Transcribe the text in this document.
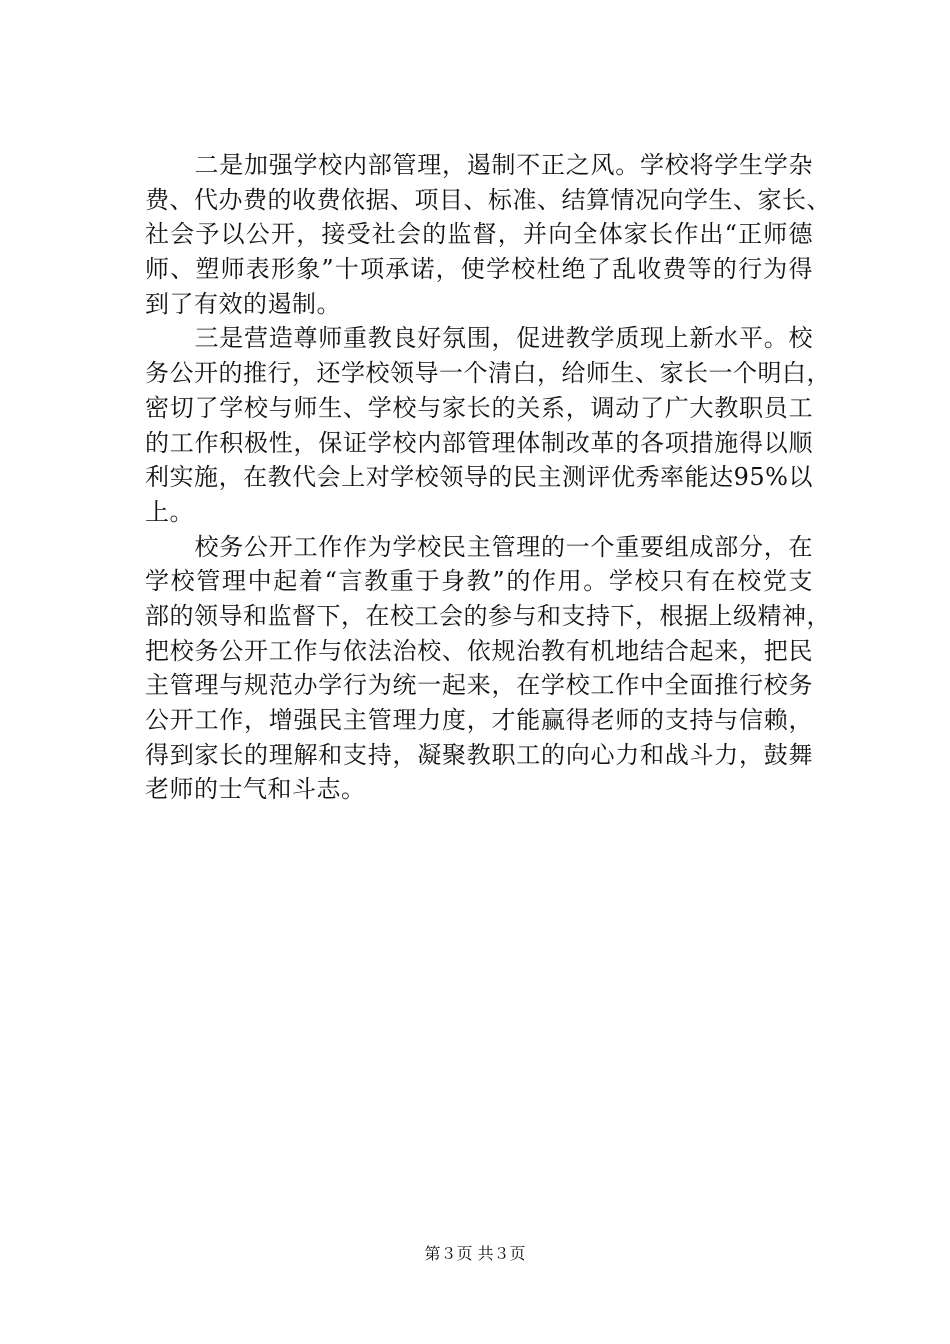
　　二是加强学校内部管理，遏制不正之风。学校将学生学杂
费、代办费的收费依据、项目、标准、结算情况向学生、家长、
社会予以公开，接受社会的监督，并向全体家长作出“正师德
师、塑师表形象”十项承诺，使学校杜绝了乱收费等的行为得
到了有效的遏制。
　　三是营造尊师重教良好氛围，促进教学质现上新水平。校
务公开的推行，还学校领导一个清白，给师生、家长一个明白，
密切了学校与师生、学校与家长的关系，调动了广大教职员工
的工作积极性，保证学校内部管理体制改革的各项措施得以顺
利实施，在教代会上对学校领导的民主测评优秀率能达95%以
上。
　　校务公开工作作为学校民主管理的一个重要组成部分，在
学校管理中起着“言教重于身教”的作用。学校只有在校党支
部的领导和监督下，在校工会的参与和支持下，根据上级精神，
把校务公开工作与依法治校、依规治教有机地结合起来，把民
主管理与规范办学行为统一起来，在学校工作中全面推行校务
公开工作，增强民主管理力度，才能赢得老师的支持与信赖，
得到家长的理解和支持，凝聚教职工的向心力和战斗力，鼓舞
老师的士气和斗志。
第３页 共３页
